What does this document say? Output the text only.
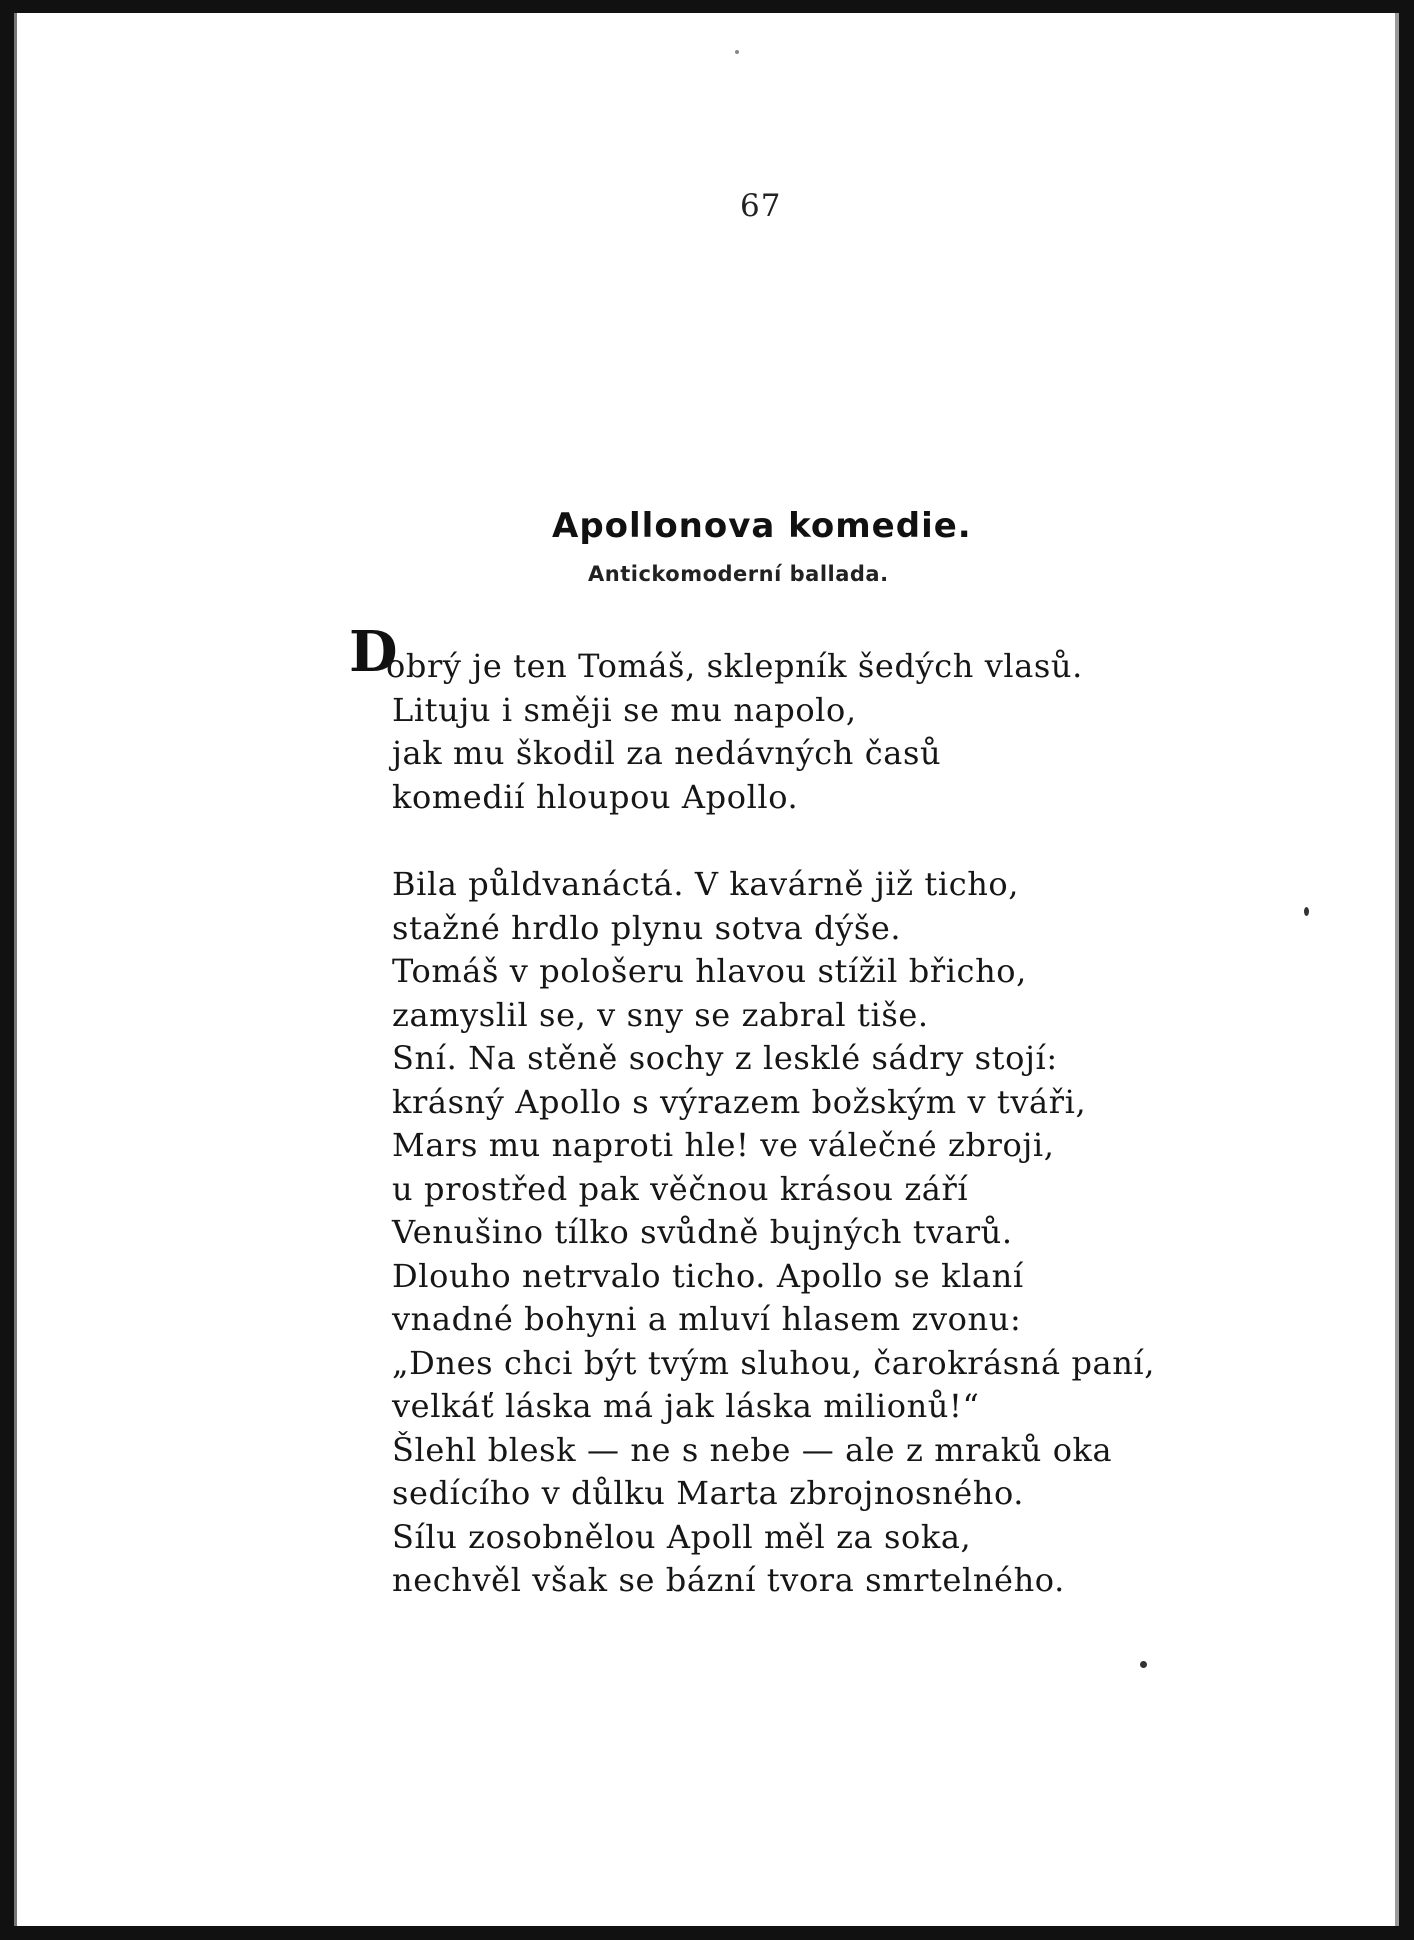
67
Apollonova komedie.
Antickomoderní ballada.
D
obrý je ten Tomáš, sklepník šedých vlasů.
Lituju i směji se mu napolo,
jak mu škodil za nedávných časů
komedií hloupou Apollo.
Bila půldvanáctá. V kavárně již ticho,
stažné hrdlo plynu sotva dýše.
Tomáš v pološeru hlavou stížil břicho,
zamyslil se, v sny se zabral tiše.
Sní. Na stěně sochy z lesklé sádry stojí:
krásný Apollo s výrazem božským v tváři,
Mars mu naproti hle! ve válečné zbroji,
u prostřed pak věčnou krásou září
Venušino tílko svůdně bujných tvarů.
Dlouho netrvalo ticho. Apollo se klaní
vnadné bohyni a mluví hlasem zvonu:
„Dnes chci být tvým sluhou, čarokrásná paní,
velkáť láska má jak láska milionů!“
Šlehl blesk — ne s nebe — ale z mraků oka
sedícího v důlku Marta zbrojnosného.
Sílu zosobnělou Apoll měl za soka,
nechvěl však se bázní tvora smrtelného.
